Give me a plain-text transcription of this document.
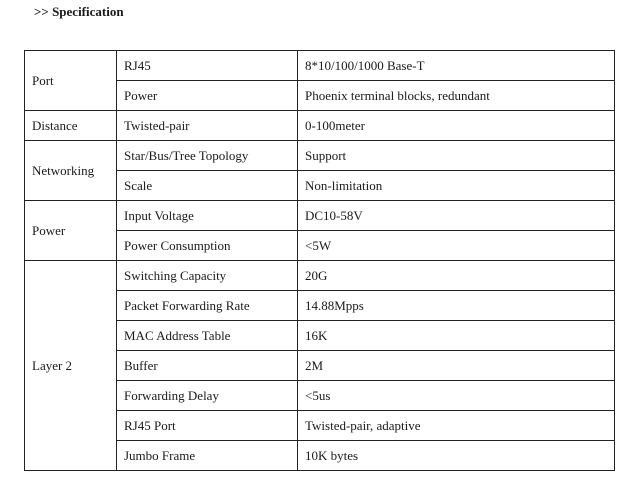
>> Specification
Port	RJ45	8*10/100/1000 Base-T
	Power	Phoenix terminal blocks, redundant
Distance	Twisted-pair	0-100meter
Networking	Star/Bus/Tree Topology	Support
	Scale	Non-limitation
Power	Input Voltage	DC10-58V
	Power Consumption	<5W
Layer 2	Switching Capacity	20G
	Packet Forwarding Rate	14.88Mpps
	MAC Address Table	16K
	Buffer	2M
	Forwarding Delay	<5us
	RJ45 Port	Twisted-pair, adaptive
	Jumbo Frame	10K bytes
